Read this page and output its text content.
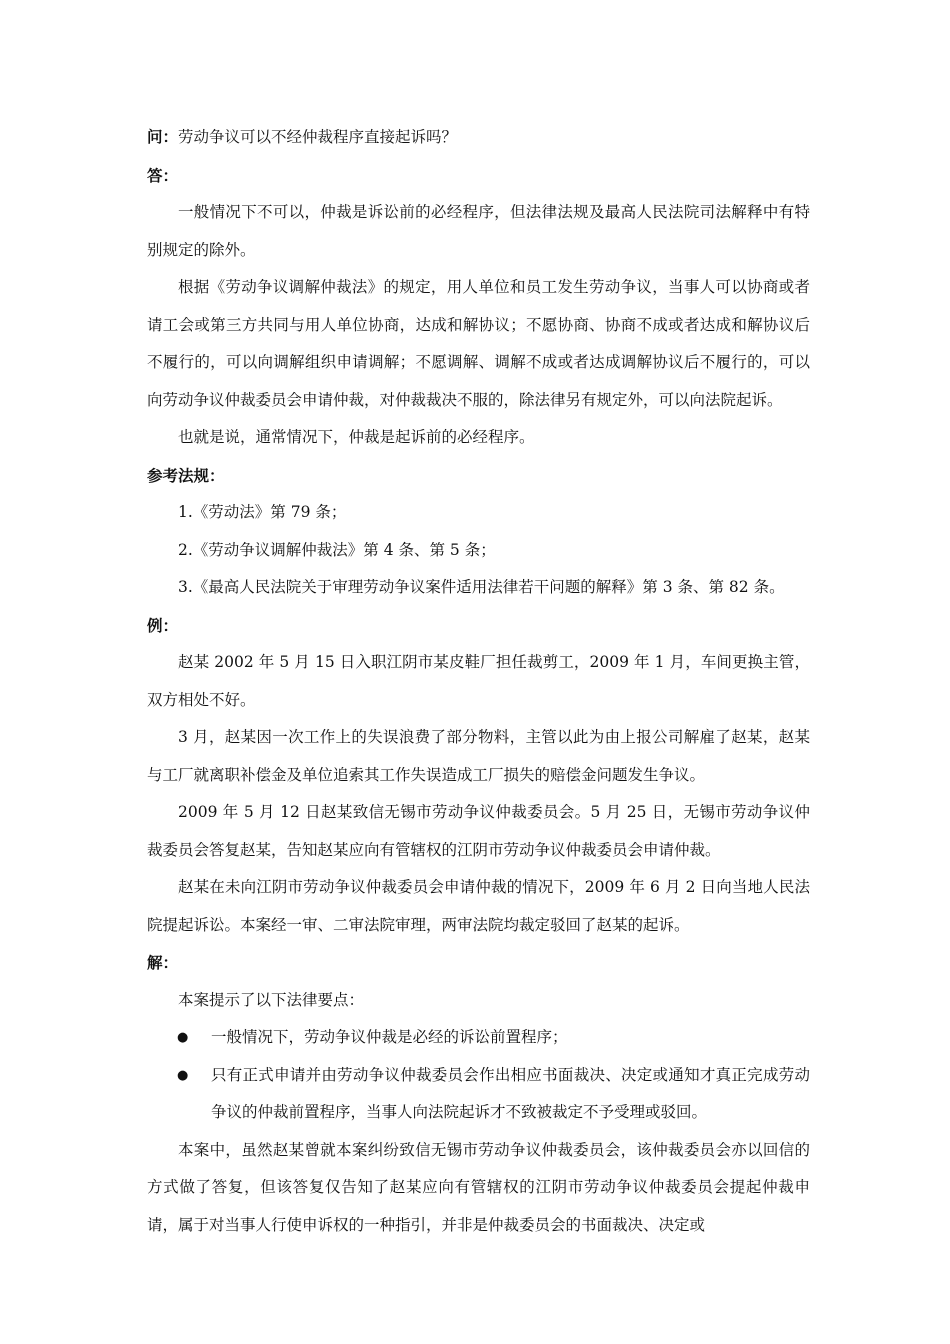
问：劳动争议可以不经仲裁程序直接起诉吗？

答：

一般情况下不可以，仲裁是诉讼前的必经程序，但法律法规及最高人民法院司法解释中有特别规定的除外。

根据《劳动争议调解仲裁法》的规定，用人单位和员工发生劳动争议，当事人可以协商或者请工会或第三方共同与用人单位协商，达成和解协议；不愿协商、协商不成或者达成和解协议后不履行的，可以向调解组织申请调解；不愿调解、调解不成或者达成调解协议后不履行的，可以向劳动争议仲裁委员会申请仲裁，对仲裁裁决不服的，除法律另有规定外，可以向法院起诉。

也就是说，通常情况下，仲裁是起诉前的必经程序。

参考法规：

1.《劳动法》第 79 条；

2.《劳动争议调解仲裁法》第 4 条、第 5 条；

3.《最高人民法院关于审理劳动争议案件适用法律若干问题的解释》第 3 条、第 82 条。

例：

赵某 2002 年 5 月 15 日入职江阴市某皮鞋厂担任裁剪工，2009 年 1 月，车间更换主管，双方相处不好。

3 月，赵某因一次工作上的失误浪费了部分物料，主管以此为由上报公司解雇了赵某，赵某与工厂就离职补偿金及单位追索其工作失误造成工厂损失的赔偿金问题发生争议。

2009 年 5 月 12 日赵某致信无锡市劳动争议仲裁委员会。5 月 25 日，无锡市劳动争议仲裁委员会答复赵某，告知赵某应向有管辖权的江阴市劳动争议仲裁委员会申请仲裁。

赵某在未向江阴市劳动争议仲裁委员会申请仲裁的情况下，2009 年 6 月 2 日向当地人民法院提起诉讼。本案经一审、二审法院审理，两审法院均裁定驳回了赵某的起诉。

解：

本案提示了以下法律要点：

● 一般情况下，劳动争议仲裁是必经的诉讼前置程序；

● 只有正式申请并由劳动争议仲裁委员会作出相应书面裁决、决定或通知才真正完成劳动争议的仲裁前置程序，当事人向法院起诉才不致被裁定不予受理或驳回。

本案中，虽然赵某曾就本案纠纷致信无锡市劳动争议仲裁委员会，该仲裁委员会亦以回信的方式做了答复，但该答复仅告知了赵某应向有管辖权的江阴市劳动争议仲裁委员会提起仲裁申请，属于对当事人行使申诉权的一种指引，并非是仲裁委员会的书面裁决、决定或
